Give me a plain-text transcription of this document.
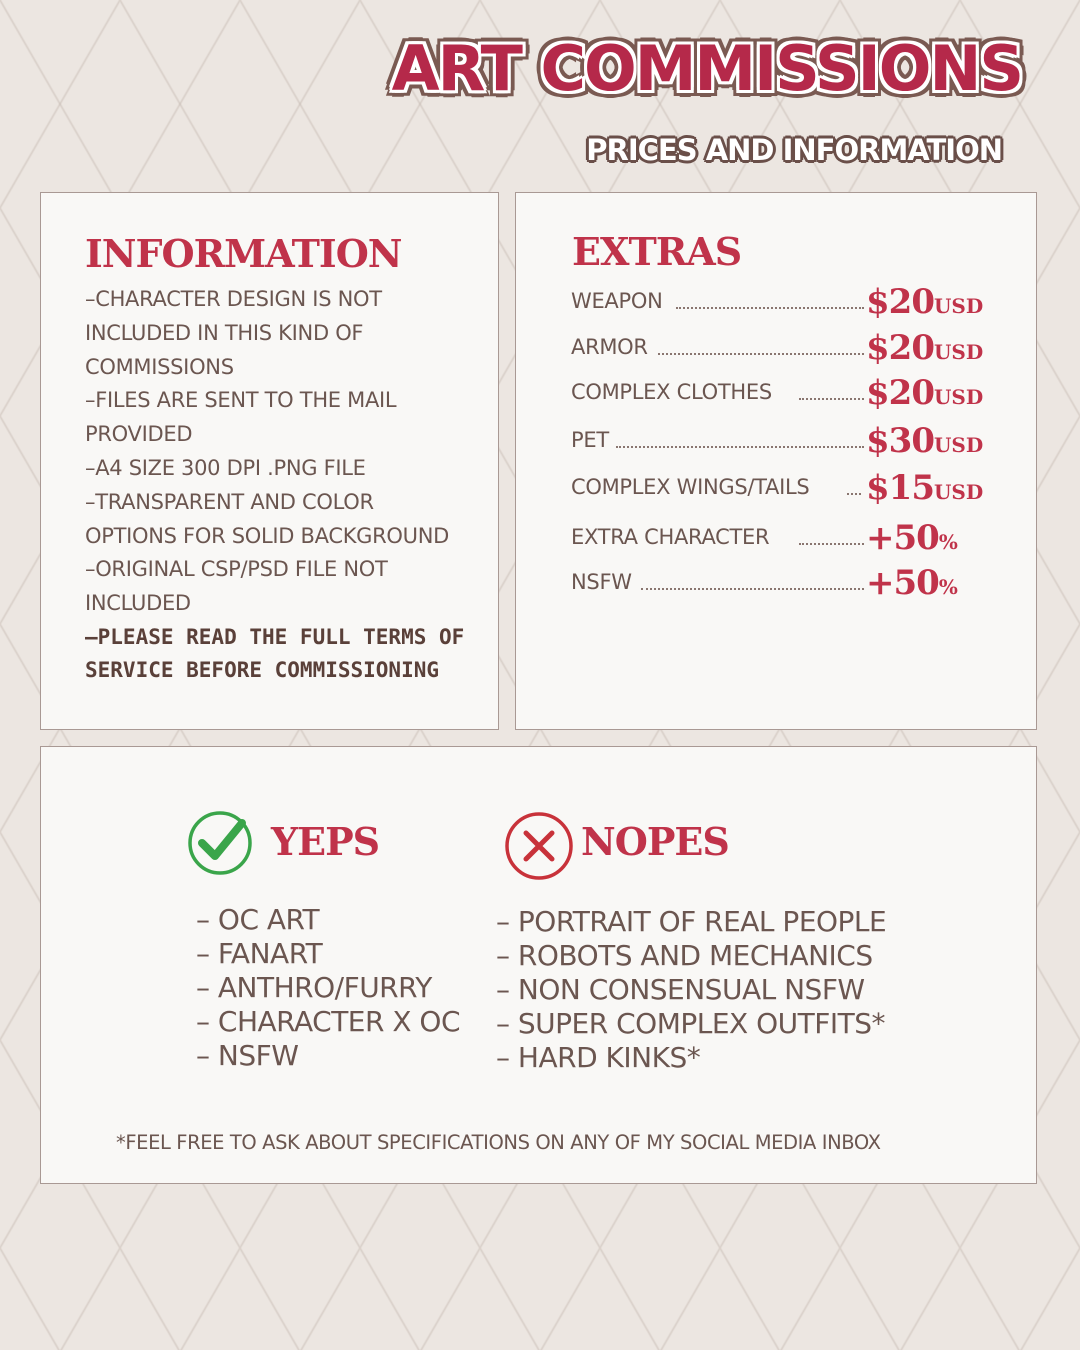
ART COMMISSIONS

PRICES AND INFORMATION

INFORMATION
–CHARACTER DESIGN IS NOT
INCLUDED IN THIS KIND OF
COMMISSIONS
–FILES ARE SENT TO THE MAIL
PROVIDED
–A4 SIZE 300 DPI .PNG FILE
–TRANSPARENT AND COLOR
OPTIONS FOR SOLID BACKGROUND
–ORIGINAL CSP/PSD FILE NOT
INCLUDED
–PLEASE READ THE FULL TERMS OF
SERVICE BEFORE COMMISSIONING
EXTRAS
WEAPON	$20USD
ARMOR	$20USD
COMPLEX CLOTHES	$20USD
PET	$30USD
COMPLEX WINGS/TAILS $15USD
EXTRA CHARACTER	+50%
NSFW	+50%
YEPS	NOPES
– OC ART
– FANART
– ANTHRO/FURRY
– CHARACTER X OC
– NSFW
– PORTRAIT OF REAL PEOPLE
– ROBOTS AND MECHANICS
– NON CONSENSUAL NSFW
– SUPER COMPLEX OUTFITS*
– HARD KINKS*

*FEEL FREE TO ASK ABOUT SPECIFICATIONS ON ANY OF MY SOCIAL MEDIA INBOX
